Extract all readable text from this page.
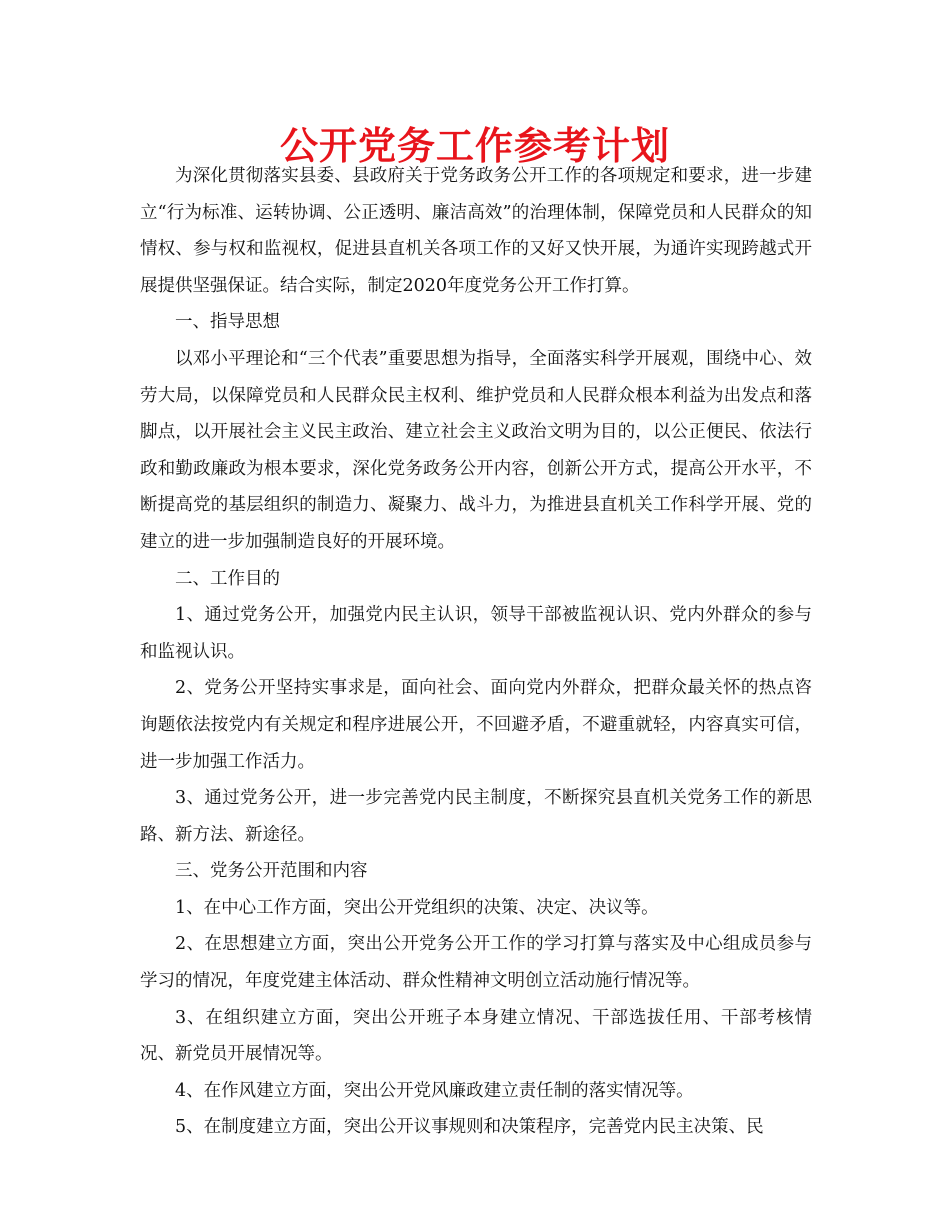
公开党务工作参考计划

为深化贯彻落实县委、县政府关于党务政务公开工作的各项规定和要求，进一步建立“行为标准、运转协调、公正透明、廉洁高效”的治理体制，保障党员和人民群众的知情权、参与权和监视权，促进县直机关各项工作的又好又快开展，为通许实现跨越式开展提供坚强保证。结合实际，制定2020年度党务公开工作打算。

一、指导思想

以邓小平理论和“三个代表”重要思想为指导，全面落实科学开展观，围绕中心、效劳大局，以保障党员和人民群众民主权利、维护党员和人民群众根本利益为出发点和落脚点，以开展社会主义民主政治、建立社会主义政治文明为目的，以公正便民、依法行政和勤政廉政为根本要求，深化党务政务公开内容，创新公开方式，提高公开水平，不断提高党的基层组织的制造力、凝聚力、战斗力，为推进县直机关工作科学开展、党的建立的进一步加强制造良好的开展环境。

二、工作目的

1、通过党务公开，加强党内民主认识，领导干部被监视认识、党内外群众的参与和监视认识。

2、党务公开坚持实事求是，面向社会、面向党内外群众，把群众最关怀的热点咨询题依法按党内有关规定和程序进展公开，不回避矛盾，不避重就轻，内容真实可信，进一步加强工作活力。

3、通过党务公开，进一步完善党内民主制度，不断探究县直机关党务工作的新思路、新方法、新途径。

三、党务公开范围和内容

1、在中心工作方面，突出公开党组织的决策、决定、决议等。

2、在思想建立方面，突出公开党务公开工作的学习打算与落实及中心组成员参与学习的情况，年度党建主体活动、群众性精神文明创立活动施行情况等。

3、在组织建立方面，突出公开班子本身建立情况、干部选拔任用、干部考核情况、新党员开展情况等。

4、在作风建立方面，突出公开党风廉政建立责任制的落实情况等。

5、在制度建立方面，突出公开议事规则和决策程序，完善党内民主决策、民
